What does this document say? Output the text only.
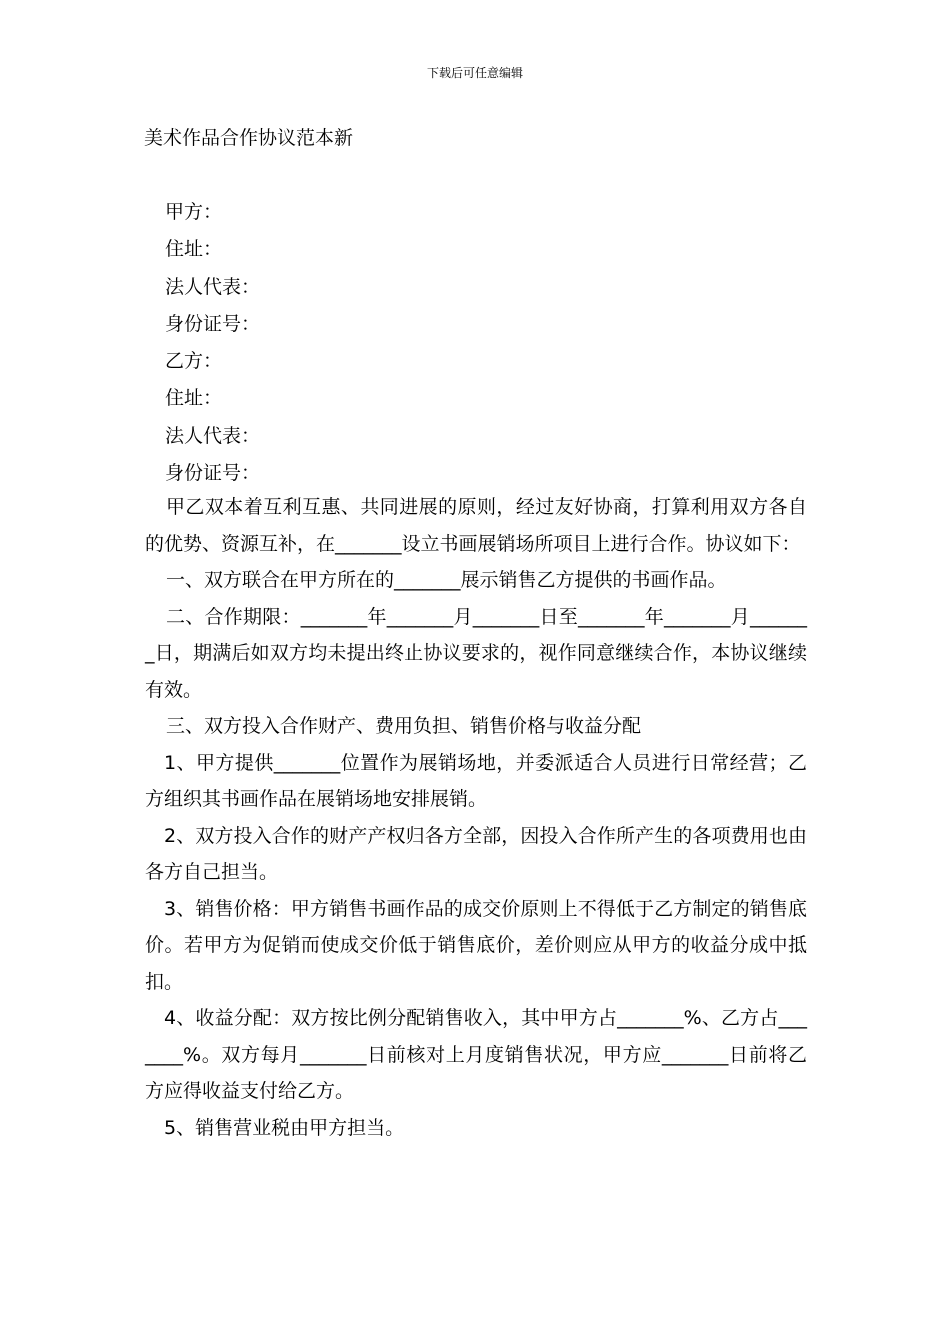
下载后可任意编辑
美术作品合作协议范本新
甲方：
住址：
法人代表：
身份证号：
乙方：
住址：
法人代表：
身份证号：

甲乙双本着互利互惠、共同进展的原则，经过友好协商，打算利用双方各自的优势、资源互补，在_______设立书画展销场所项目上进行合作。协议如下：

一、双方联合在甲方所在的_______展示销售乙方提供的书画作品。

二、合作期限：_______年_______月_______日至_______年_______月_______日，期满后如双方均未提出终止协议要求的，视作同意继续合作，本协议继续有效。

三、双方投入合作财产、费用负担、销售价格与收益分配

1、甲方提供_______位置作为展销场地，并委派适合人员进行日常经营；乙方组织其书画作品在展销场地安排展销。

2、双方投入合作的财产产权归各方全部，因投入合作所产生的各项费用也由各方自己担当。

3、销售价格：甲方销售书画作品的成交价原则上不得低于乙方制定的销售底价。若甲方为促销而使成交价低于销售底价，差价则应从甲方的收益分成中抵扣。

4、收益分配：双方按比例分配销售收入，其中甲方占_______%、乙方占_______%。双方每月_______日前核对上月度销售状况，甲方应_______日前将乙方应得收益支付给乙方。

5、销售营业税由甲方担当。
